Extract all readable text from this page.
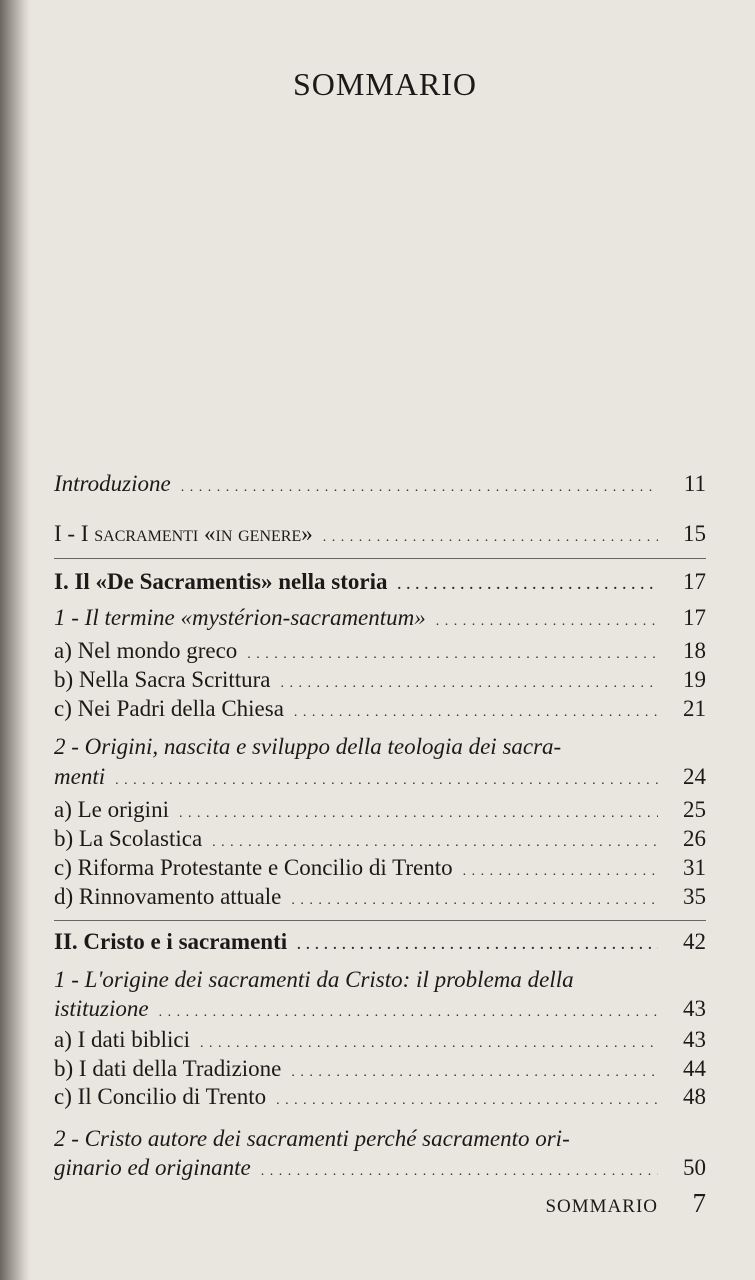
SOMMARIO
Introduzione . . .	11
I - I sacramenti «in genere» . . .	15
I. Il «De Sacramentis» nella storia . . .	17
1 - Il termine «mystérion-sacramentum» . . .	17
a) Nel mondo greco . . .	18
b) Nella Sacra Scrittura . . .	19
c) Nei Padri della Chiesa . . .	21
2 - Origini, nascita e sviluppo della teologia dei sacra-
menti . . .	24
a) Le origini . . .	25
b) La Scolastica . . .	26
c) Riforma Protestante e Concilio di Trento . . .	31
d) Rinnovamento attuale . . .	35
II. Cristo e i sacramenti . . .	42
1 - L'origine dei sacramenti da Cristo: il problema della
istituzione . . .	43
a) I dati biblici . . .	43
b) I dati della Tradizione . . .	44
c) Il Concilio di Trento . . .	48
2 - Cristo autore dei sacramenti perché sacramento ori-
ginario ed originante . . .	50
SOMMARIO 7
